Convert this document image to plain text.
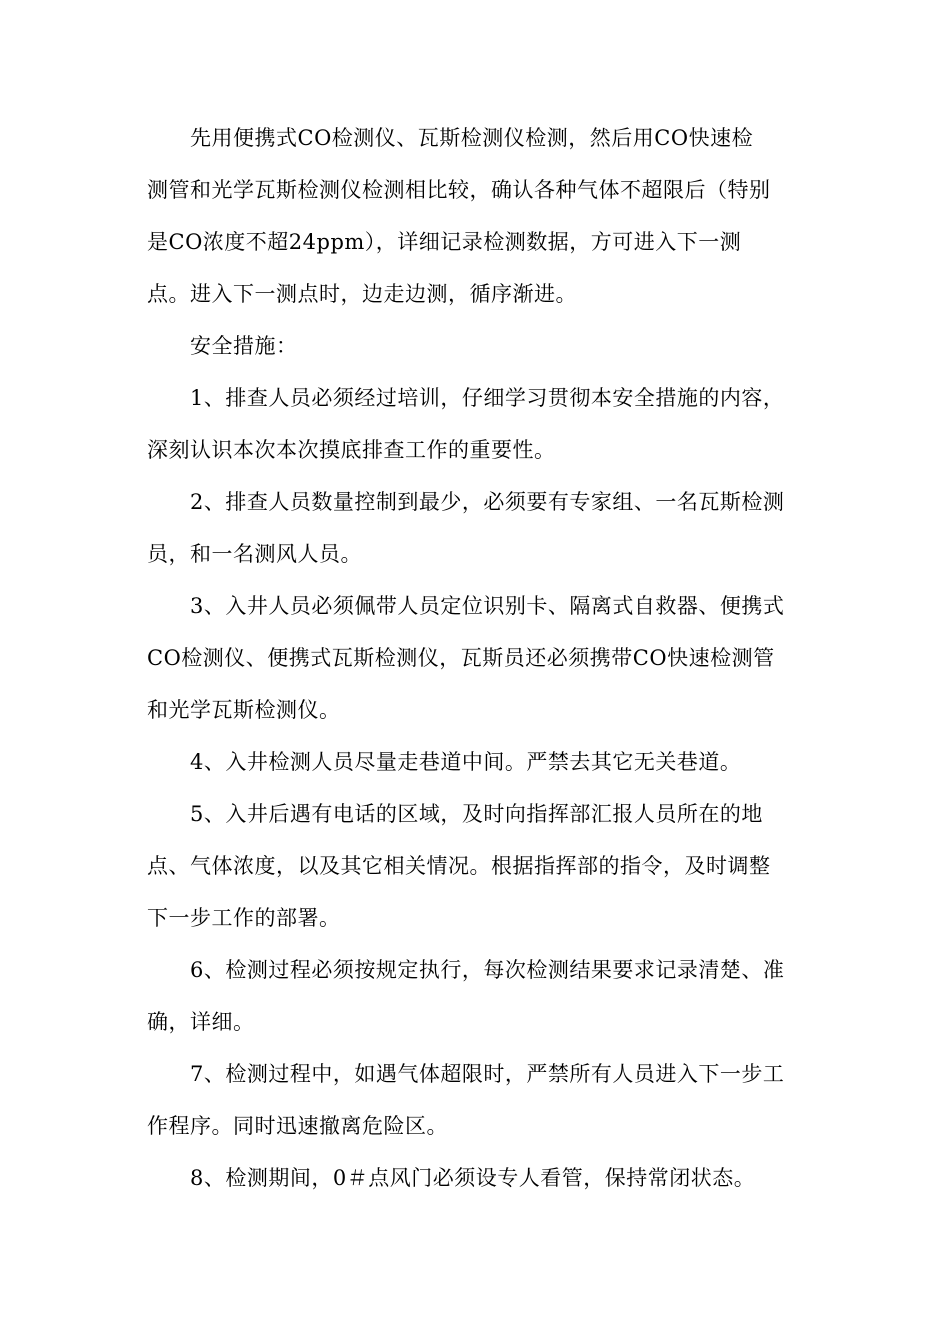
先用便携式CO检测仪、瓦斯检测仪检测，然后用CO快速检
测管和光学瓦斯检测仪检测相比较，确认各种气体不超限后（特别
是CO浓度不超24ppm），详细记录检测数据，方可进入下一测
点。进入下一测点时，边走边测，循序渐进。
安全措施：
1、排查人员必须经过培训，仔细学习贯彻本安全措施的内容，
深刻认识本次本次摸底排查工作的重要性。
2、排查人员数量控制到最少，必须要有专家组、一名瓦斯检测
员，和一名测风人员。
3、入井人员必须佩带人员定位识别卡、隔离式自救器、便携式
CO检测仪、便携式瓦斯检测仪，瓦斯员还必须携带CO快速检测管
和光学瓦斯检测仪。
4、入井检测人员尽量走巷道中间。严禁去其它无关巷道。
5、入井后遇有电话的区域，及时向指挥部汇报人员所在的地
点、气体浓度，以及其它相关情况。根据指挥部的指令，及时调整
下一步工作的部署。
6、检测过程必须按规定执行，每次检测结果要求记录清楚、准
确，详细。
7、检测过程中，如遇气体超限时，严禁所有人员进入下一步工
作程序。同时迅速撤离危险区。
8、检测期间，0＃点风门必须设专人看管，保持常闭状态。
